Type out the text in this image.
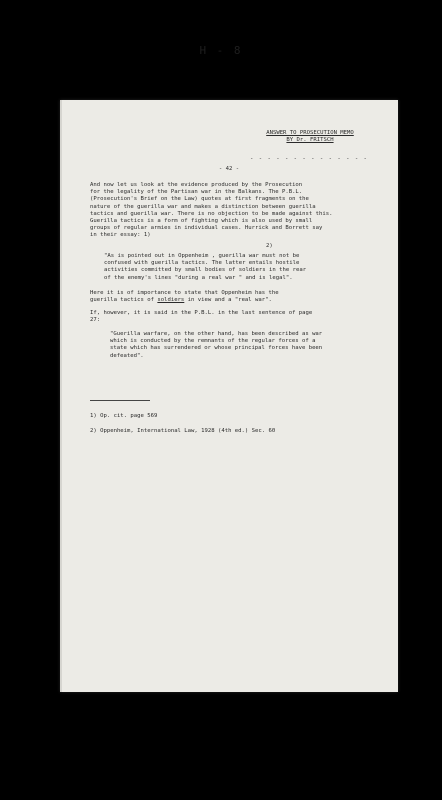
H - 8
ANSWER TO PROSECUTION MEMO
BY Dr. FRITSCH
- - - - - - - - - - - - - -
- 42 -
And now let us look at the evidence produced by the Prosecution
for the legality of the Partisan war in the Balkans. The P.B.L.
(Prosecution's Brief on the Law) quotes at first fragments on the
nature of the guerilla war and makes a distinction between guerilla
tactics and guerilla war. There is no objection to be made against this.
Guerilla tactics is a form of fighting which is also used by small
groups of regular armies in individual cases. Hurrick and Borrett say
in their essay: 1)
2)
"As is pointed out in Oppenheim , guerilla war must not be
confused with guerilla tactics. The latter entails hostile
activities committed by small bodies of soldiers in the rear
of the enemy's lines "during a real war " and is legal".
Here it is of importance to state that Oppenheim has the
guerilla tactics of soldiers in view and a "real war".
If, however, it is said in the P.B.L. in the last sentence of page
27:
"Guerilla warfare, on the other hand, has been described as war
which is conducted by the remnants of the regular forces of a
state which has surrendered or whose principal forces have been
defeated".

1) Op. cit. page 569

2) Oppenheim, International Law, 1928 (4th ed.) Sec. 60
